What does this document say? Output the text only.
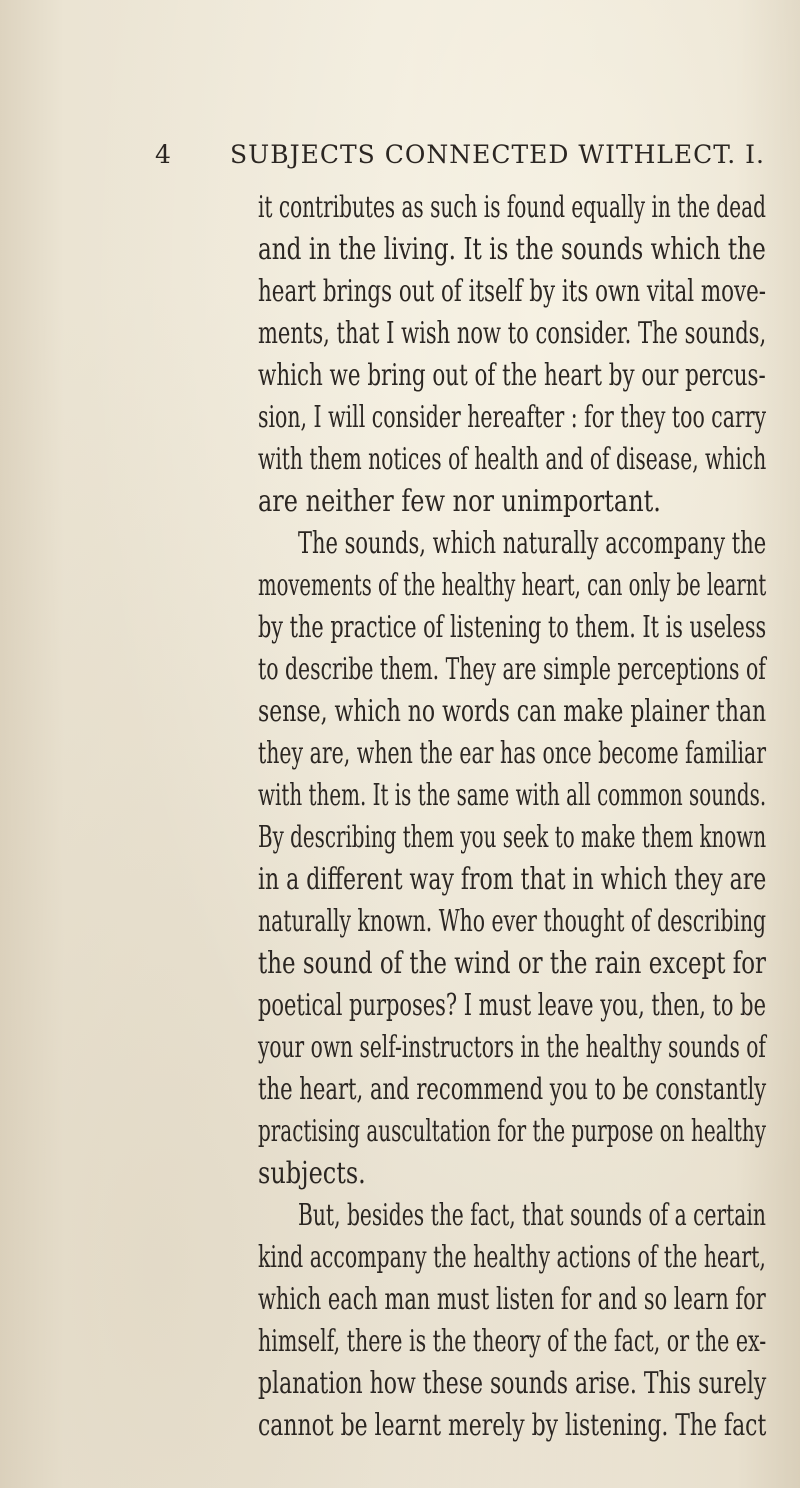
4 SUBJECTS CONNECTED WITH LECT. I.
it contributes as such is found equally in the dead
and in the living. It is the sounds which the
heart brings out of itself by its own vital move-
ments, that I wish now to consider. The sounds,
which we bring out of the heart by our percus-
sion, I will consider hereafter : for they too carry
with them notices of health and of disease, which
are neither few nor unimportant.
The sounds, which naturally accompany the
movements of the healthy heart, can only be learnt
by the practice of listening to them. It is useless
to describe them. They are simple perceptions of
sense, which no words can make plainer than
they are, when the ear has once become familiar
with them. It is the same with all common sounds.
By describing them you seek to make them known
in a different way from that in which they are
naturally known. Who ever thought of describing
the sound of the wind or the rain except for
poetical purposes? I must leave you, then, to be
your own self-instructors in the healthy sounds of
the heart, and recommend you to be constantly
practising auscultation for the purpose on healthy
subjects.
But, besides the fact, that sounds of a certain
kind accompany the healthy actions of the heart,
which each man must listen for and so learn for
himself, there is the theory of the fact, or the ex-
planation how these sounds arise. This surely
cannot be learnt merely by listening. The fact
